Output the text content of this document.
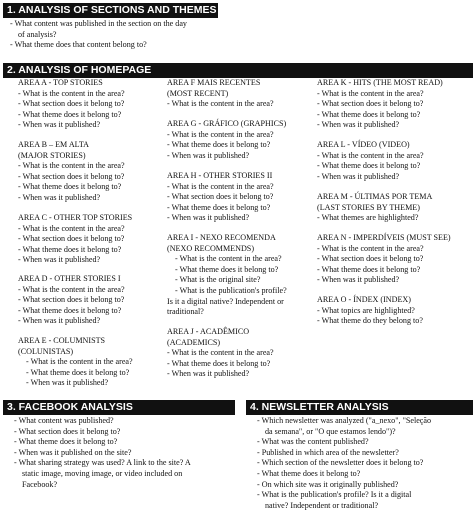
1. ANALYSIS OF SECTIONS AND THEMES
- What content was published in the section on the day
of analysis?
- What theme does that content belong to?
2. ANALYSIS OF HOMEPAGE
AREA A - TOP STORIES
- What is the content in the area?
- What section does it belong to?
- What theme does it belong to?
- When was it published?
AREA B – EM ALTA
(MAJOR STORIES)
- What is the content in the area?
- What section does it belong to?
- What theme does it belong to?
- When was it published?
AREA C - OTHER TOP STORIES
- What is the content in the area?
- What section does it belong to?
- What theme does it belong to?
- When was it published?
AREA D - OTHER STORIES I
- What is the content in the area?
- What section does it belong to?
- What theme does it belong to?
- When was it published?
AREA E - COLUMNISTS
(COLUNISTAS)
- What is the content in the area?
- What theme does it belong to?
- When was it published?
AREA F MAIS RECENTES
(MOST RECENT)
- What is the content in the area?
AREA G - GRÁFICO (GRAPHICS)
- What is the content in the area?
- What theme does it belong to?
- When was it published?
AREA H - OTHER STORIES II
- What is the content in the area?
- What section does it belong to?
- What theme does it belong to?
- When was it published?
AREA I - NEXO RECOMENDA
(NEXO RECOMMENDS)
- What is the content in the area?
- What theme does it belong to?
- What is the original site?
- What is the publication's profile?
Is it a digital native? Independent or traditional?
AREA J - ACADÊMICO
(ACADEMICS)
- What is the content in the area?
- What theme does it belong to?
- When was it published?
AREA K - HITS (THE MOST READ)
- What is the content in the area?
- What section does it belong to?
- What theme does it belong to?
- When was it published?
AREA L - VÍDEO (VIDEO)
- What is the content in the area?
- What theme does it belong to?
- When was it published?
AREA M - ÚLTIMAS POR TEMA
(LAST STORIES BY THEME)
- What themes are highlighted?
AREA N - IMPERDÍVEIS (MUST SEE)
- What is the content in the area?
- What section does it belong to?
- What theme does it belong to?
- When was it published?
AREA O - ÍNDEX (INDEX)
- What topics are highlighted?
- What theme do they belong to?
3. FACEBOOK ANALYSIS
- What content was published?
- What section does it belong to?
- What theme does it belong to?
- When was it published on the site?
- What sharing strategy was used? A link to the site? A
static image, moving image, or video included on
Facebook?
4. NEWSLETTER ANALYSIS
- Which newsletter was analyzed ("a_nexo", "Seleção
da semana", or "O que estamos lendo")?
- What was the content published?
- Published in which area of the newsletter?
- Which section of the newsletter does it belong to?
- What theme does it belong to?
- On which site was it originally published?
- What is the publication's profile? Is it a digital
native? Independent or traditional?
